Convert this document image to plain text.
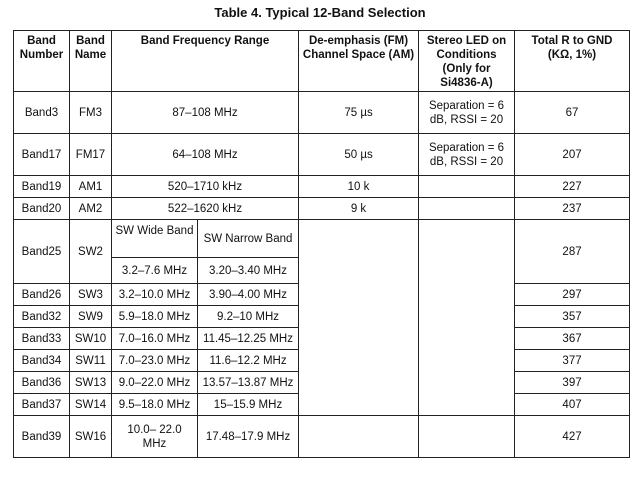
Table 4. Typical 12-Band Selection
Band Number	Band Name	Band Frequency Range		De-emphasis (FM) Channel Space (AM)	Stereo LED on Conditions (Only for Si4836-A)	Total R to GND (KΩ, 1%)
Band3	FM3	87–108 MHz		75 µs	Separation = 6 dB, RSSI = 20	67
Band17	FM17	64–108 MHz		50 µs	Separation = 6 dB, RSSI = 20	207
Band19	AM1	520–1710 kHz		10 k		227
Band20	AM2	522–1620 kHz		9 k		237
Band25	SW2	SW Wide Band	SW Narrow Band			287
		3.2–7.6 MHz	3.20–3.40 MHz			
Band26	SW3	3.2–10.0 MHz	3.90–4.00 MHz			297
Band32	SW9	5.9–18.0 MHz	9.2–10 MHz			357
Band33	SW10	7.0–16.0 MHz	11.45–12.25 MHz			367
Band34	SW11	7.0–23.0 MHz	11.6–12.2 MHz			377
Band36	SW13	9.0–22.0 MHz	13.57–13.87 MHz			397
Band37	SW14	9.5–18.0 MHz	15–15.9 MHz			407
Band39	SW16	10.0– 22.0 MHz	17.48–17.9 MHz			427
